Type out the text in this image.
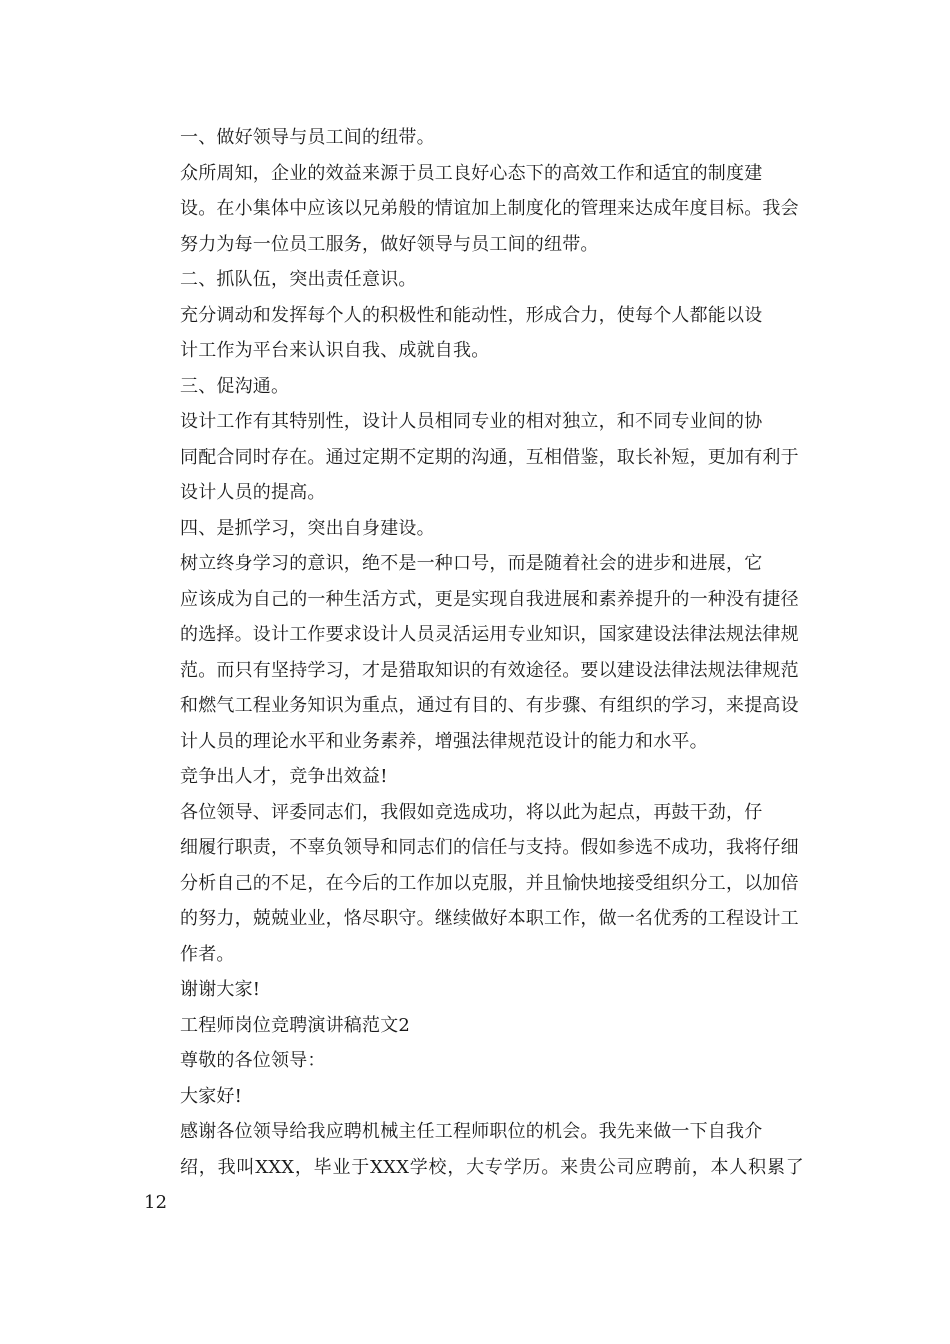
一、做好领导与员工间的纽带。

众所周知，企业的效益来源于员工良好心态下的高效工作和适宜的制度建
设。在小集体中应该以兄弟般的情谊加上制度化的管理来达成年度目标。我会
努力为每一位员工服务，做好领导与员工间的纽带。

二、抓队伍，突出责任意识。

充分调动和发挥每个人的积极性和能动性，形成合力，使每个人都能以设
计工作为平台来认识自我、成就自我。

三、促沟通。

设计工作有其特别性，设计人员相同专业的相对独立，和不同专业间的协
同配合同时存在。通过定期不定期的沟通，互相借鉴，取长补短，更加有利于
设计人员的提高。

四、是抓学习，突出自身建设。

树立终身学习的意识，绝不是一种口号，而是随着社会的进步和进展，它
应该成为自己的一种生活方式，更是实现自我进展和素养提升的一种没有捷径
的选择。设计工作要求设计人员灵活运用专业知识，国家建设法律法规法律规
范。而只有坚持学习，才是猎取知识的有效途径。要以建设法律法规法律规范
和燃气工程业务知识为重点，通过有目的、有步骤、有组织的学习，来提高设
计人员的理论水平和业务素养，增强法律规范设计的能力和水平。

竞争出人才，竞争出效益!

各位领导、评委同志们，我假如竞选成功，将以此为起点，再鼓干劲，仔
细履行职责，不辜负领导和同志们的信任与支持。假如参选不成功，我将仔细
分析自己的不足，在今后的工作加以克服，并且愉快地接受组织分工，以加倍
的努力，兢兢业业，恪尽职守。继续做好本职工作，做一名优秀的工程设计工
作者。

谢谢大家!

工程师岗位竞聘演讲稿范文2

尊敬的各位领导：

大家好!

感谢各位领导给我应聘机械主任工程师职位的机会。我先来做一下自我介
绍，我叫XXX，毕业于XXX学校，大专学历。来贵公司应聘前，本人积累了12
